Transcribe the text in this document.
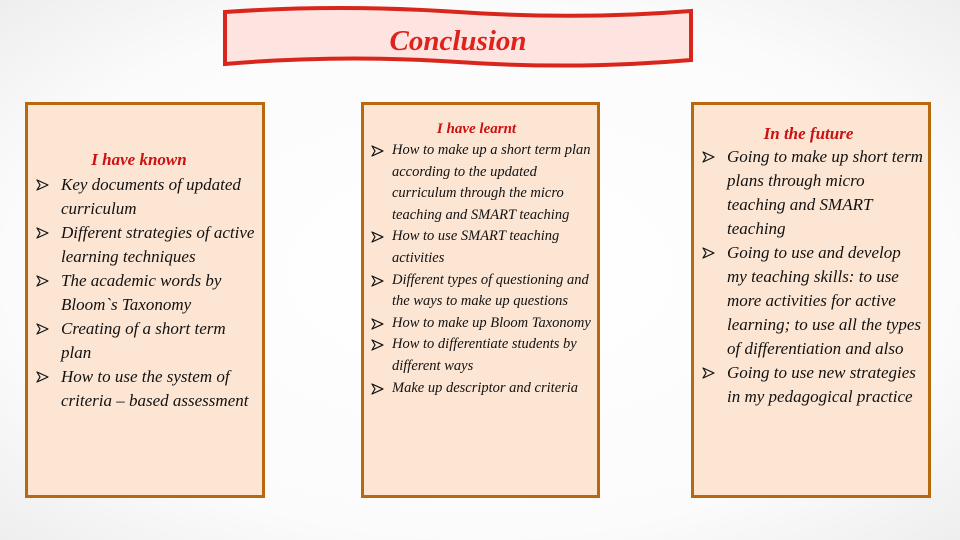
Conclusion
I have known
Key documents of updated curriculum
Different strategies of active learning techniques
The academic words by Bloom`s Taxonomy
Creating of a short term plan
How to use the system of criteria – based assessment
I have learnt
How to make up a short term plan according to the updated curriculum through the micro teaching and SMART teaching
How to use SMART teaching activities
Different types of questioning and the ways to make up questions
How to make up Bloom Taxonomy
How to differentiate students by different ways
Make up descriptor and criteria
In the future
Going to make up short term plans through micro teaching and SMART teaching
Going to use and develop my teaching skills: to use more activities for active learning; to use all the types of differentiation and also
Going to use new strategies in my pedagogical practice
